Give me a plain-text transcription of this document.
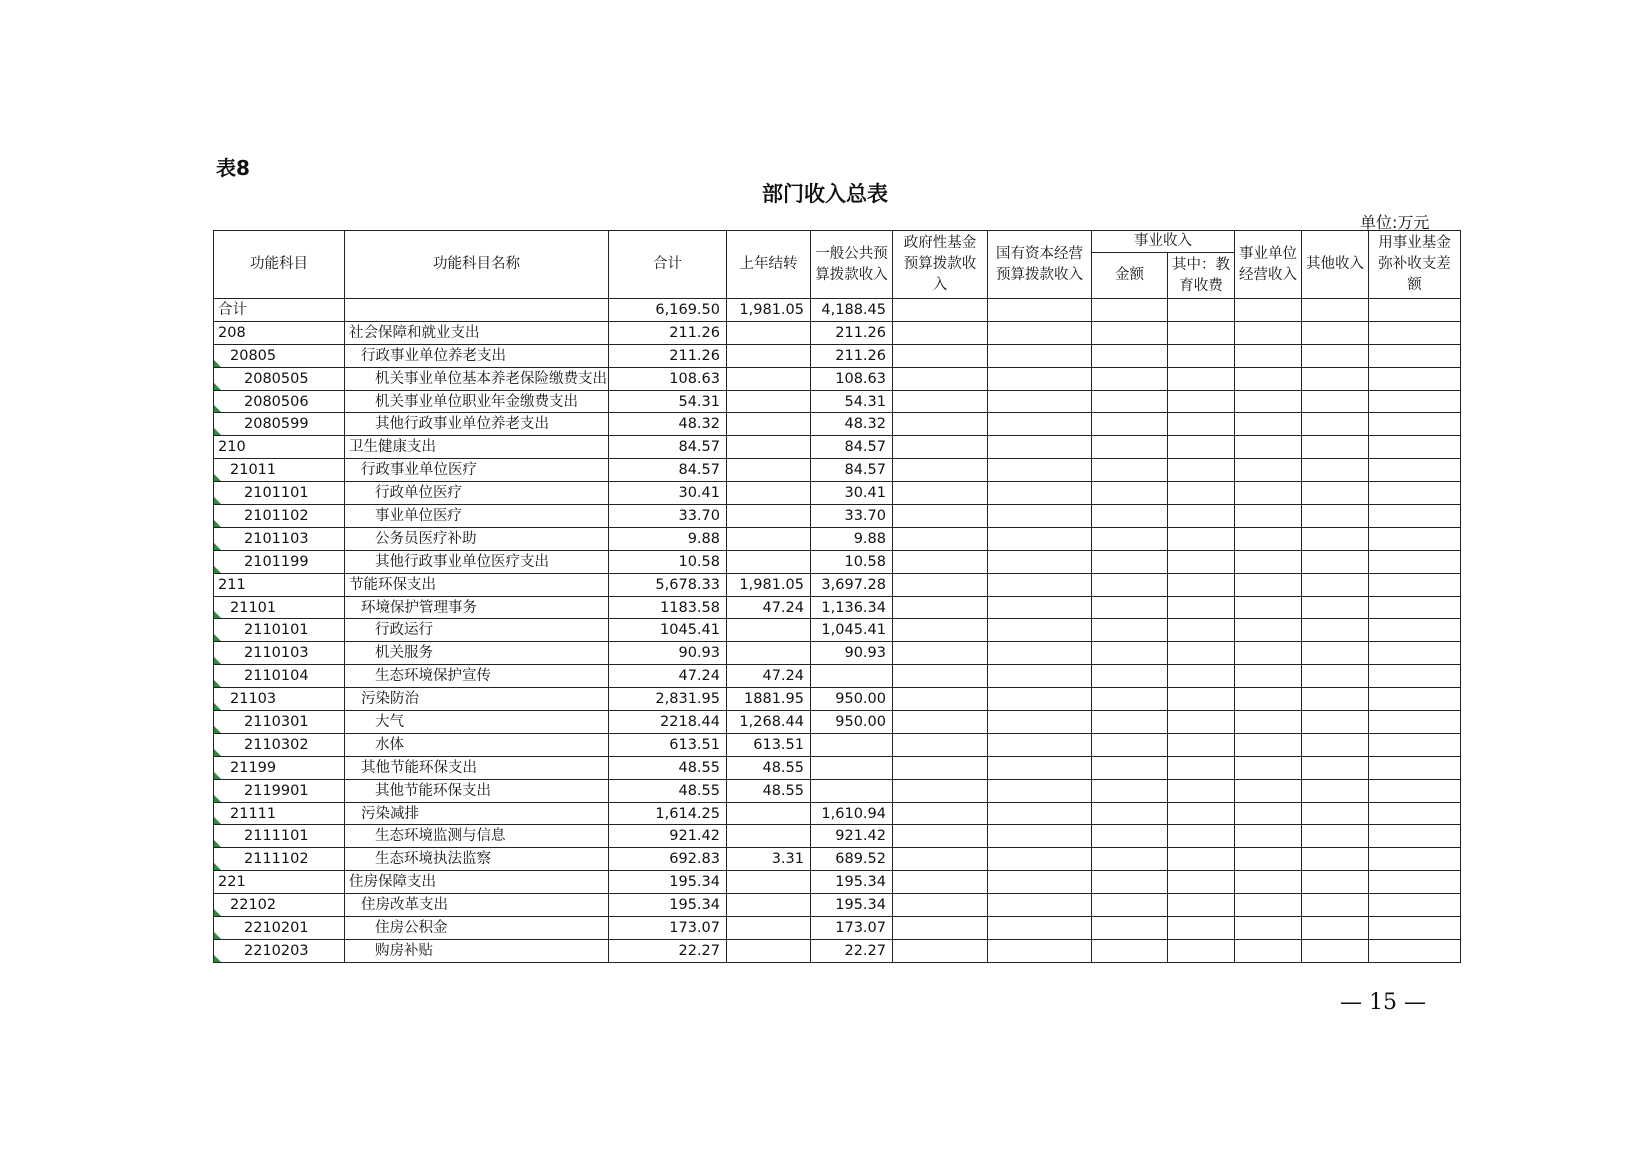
表8
部门收入总表
单位:万元
功能科目	功能科目名称	合计	上年结转	一般公共预算拨款收入	政府性基金预算拨款收入	国有资本经营预算拨款收入	事业收入		事业单位经营收入	其他收入	用事业基金弥补收支差额
							金额	其中：教育收费			
合计		6,169.50	1,981.05	4,188.45							
208	社会保障和就业支出	211.26		211.26							
20805	行政事业单位养老支出	211.26		211.26							
2080505	机关事业单位基本养老保险缴费支出	108.63		108.63							
2080506	机关事业单位职业年金缴费支出	54.31		54.31							
2080599	其他行政事业单位养老支出	48.32		48.32							
210	卫生健康支出	84.57		84.57							
21011	行政事业单位医疗	84.57		84.57							
2101101	行政单位医疗	30.41		30.41							
2101102	事业单位医疗	33.70		33.70							
2101103	公务员医疗补助	9.88		9.88							
2101199	其他行政事业单位医疗支出	10.58		10.58							
211	节能环保支出	5,678.33	1,981.05	3,697.28							
21101	环境保护管理事务	1183.58	47.24	1,136.34							
2110101	行政运行	1045.41		1,045.41							
2110103	机关服务	90.93		90.93							
2110104	生态环境保护宣传	47.24	47.24								
21103	污染防治	2,831.95	1881.95	950.00							
2110301	大气	2218.44	1,268.44	950.00							
2110302	水体	613.51	613.51								
21199	其他节能环保支出	48.55	48.55								
2119901	其他节能环保支出	48.55	48.55								
21111	污染减排	1,614.25		1,610.94							
2111101	生态环境监测与信息	921.42		921.42							
2111102	生态环境执法监察	692.83	3.31	689.52							
221	住房保障支出	195.34		195.34							
22102	住房改革支出	195.34		195.34							
2210201	住房公积金	173.07		173.07							
2210203	购房补贴	22.27		22.27							
— 15 —
